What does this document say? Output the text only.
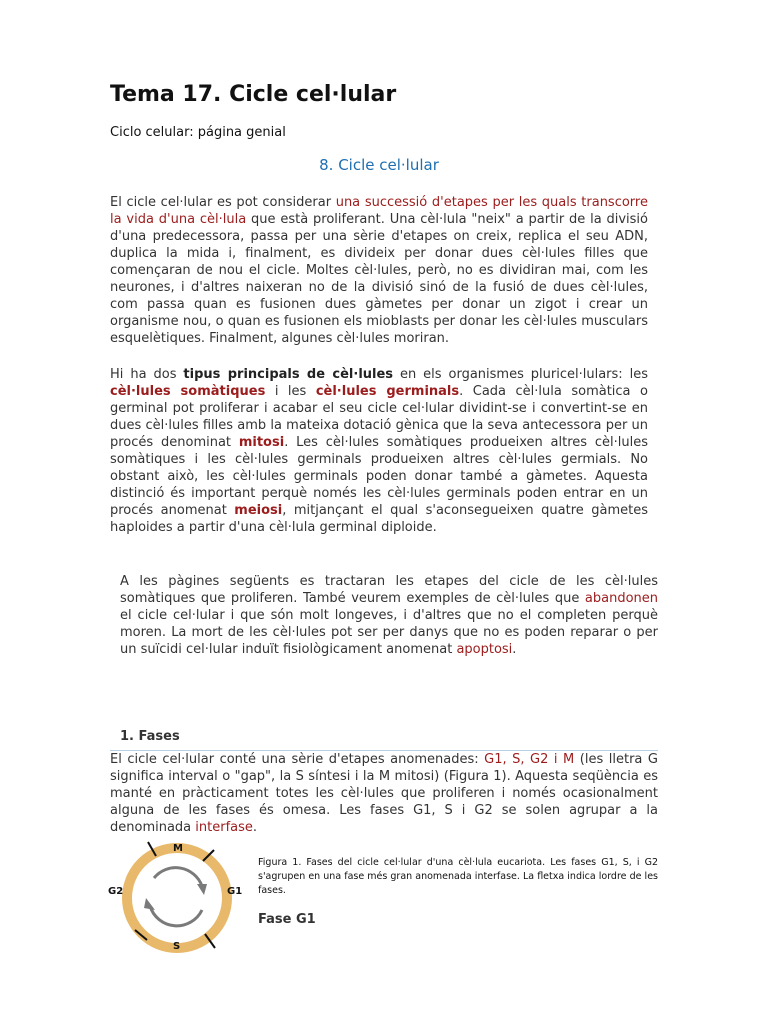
Tema 17. Cicle cel·lular
Ciclo celular: página genial
8. Cicle cel·lular

El cicle cel·lular es pot considerar una successió d'etapes per les quals transcorre la vida d'una cèl·lula que està proliferant. Una cèl·lula "neix" a partir de la divisió d'una predecessora, passa per una sèrie d'etapes on creix, replica el seu ADN, duplica la mida i, finalment, es divideix per donar dues cèl·lules filles que començaran de nou el cicle. Moltes cèl·lules, però, no es dividiran mai, com les neurones, i d'altres naixeran no de la divisió sinó de la fusió de dues cèl·lules, com passa quan es fusionen dues gàmetes per donar un zigot i crear un organisme nou, o quan es fusionen els mioblasts per donar les cèl·lules musculars esquelètiques. Finalment, algunes cèl·lules moriran.

Hi ha dos tipus principals de cèl·lules en els organismes pluricel·lulars: les cèl·lules somàtiques i les cèl·lules germinals. Cada cèl·lula somàtica o germinal pot proliferar i acabar el seu cicle cel·lular dividint-se i convertint-se en dues cèl·lules filles amb la mateixa dotació gènica que la seva antecessora per un procés denominat mitosi. Les cèl·lules somàtiques produeixen altres cèl·lules somàtiques i les cèl·lules germinals produeixen altres cèl·lules germials. No obstant això, les cèl·lules germinals poden donar també a gàmetes. Aquesta distinció és important perquè només les cèl·lules germinals poden entrar en un procés anomenat meiosi, mitjançant el qual s'aconsegueixen quatre gàmetes haploides a partir d'una cèl·lula germinal diploide.

A les pàgines següents es tractaran les etapes del cicle de les cèl·lules somàtiques que proliferen. També veurem exemples de cèl·lules que abandonen el cicle cel·lular i que són molt longeves, i d'altres que no el completen perquè moren. La mort de les cèl·lules pot ser per danys que no es poden reparar o per un suïcidi cel·lular induït fisiològicament anomenat apoptosi.

1. Fases

El cicle cel·lular conté una sèrie d'etapes anomenades: G1, S, G2 i M (les lletra G significa interval o "gap", la S síntesi i la M mitosi) (Figura 1). Aquesta seqüència es manté en pràcticament totes les cèl·lules que proliferen i només ocasionalment alguna de les fases és omesa. Les fases G1, S i G2 se solen agrupar a la denominada interfase.

M
G1
S
G2
Figura 1. Fases del cicle cel·lular d'una cèl·lula eucariota. Les fases G1, S, i G2 s'agrupen en una fase més gran anomenada interfase. La fletxa indica lordre de les fases.
Fase G1
